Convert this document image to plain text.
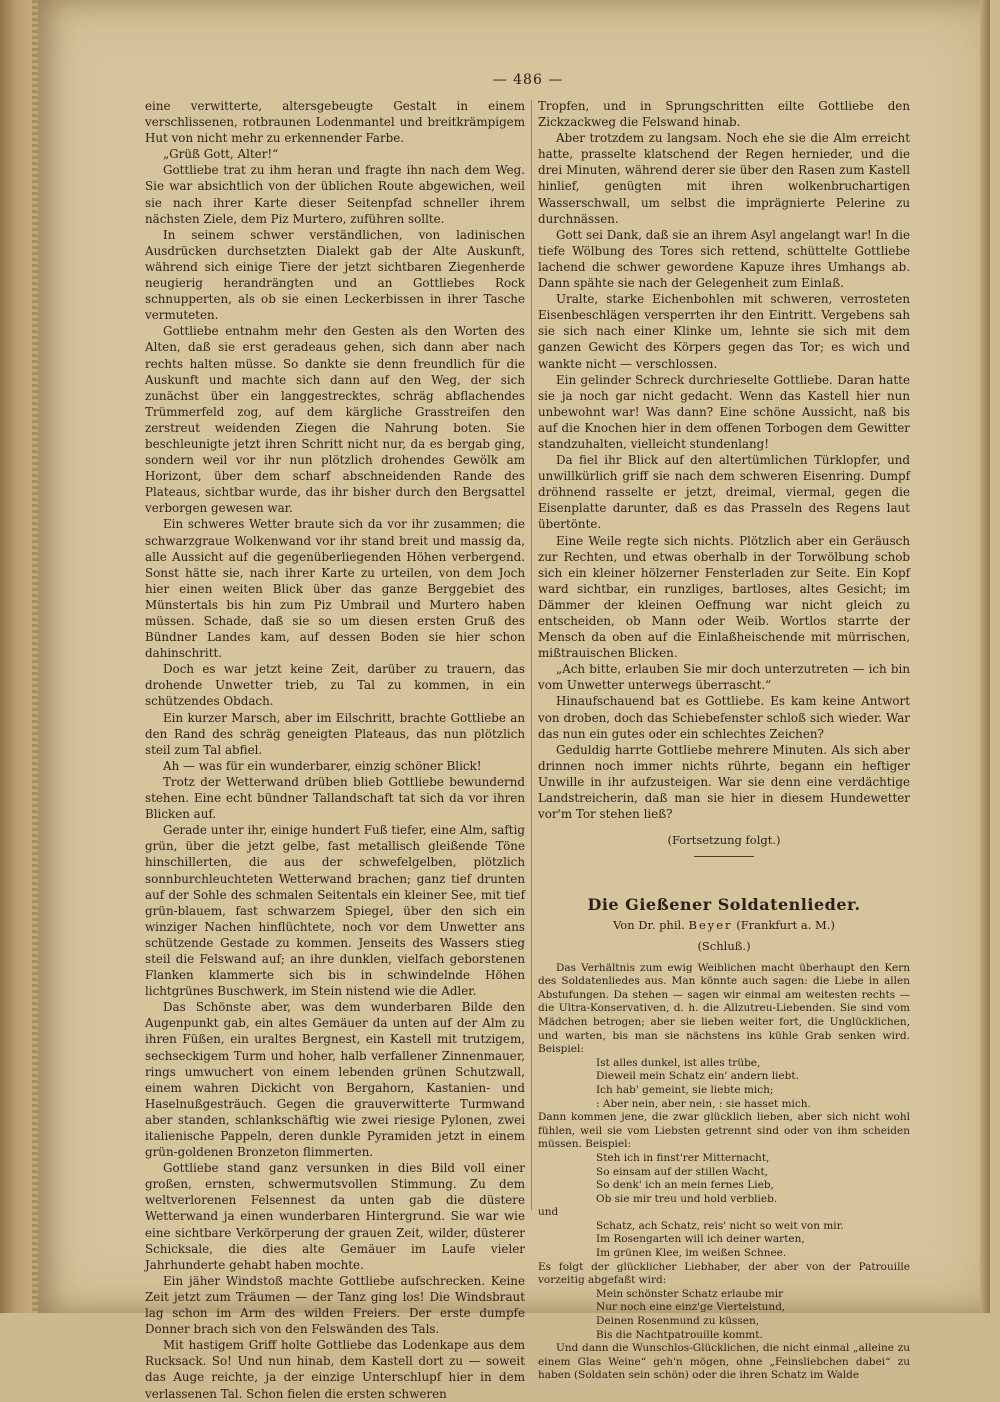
— 486 —

eine verwitterte, altersgebeugte Gestalt in einem verschlissenen, rotbraunen Lodenmantel und breitkrämpigem Hut von nicht mehr zu erkennender Farbe.

„Grüß Gott, Alter!“

Gottliebe trat zu ihm heran und fragte ihn nach dem Weg. Sie war absichtlich von der üblichen Route abgewichen, weil sie nach ihrer Karte dieser Seitenpfad schneller ihrem nächsten Ziele, dem Piz Murtero, zuführen sollte.

In seinem schwer verständlichen, von ladinischen Ausdrücken durchsetzten Dialekt gab der Alte Auskunft, während sich einige Tiere der jetzt sichtbaren Ziegenherde neugierig herandrängten und an Gottliebes Rock schnupperten, als ob sie einen Leckerbissen in ihrer Tasche vermuteten.

Gottliebe entnahm mehr den Gesten als den Worten des Alten, daß sie erst geradeaus gehen, sich dann aber nach rechts halten müsse. So dankte sie denn freundlich für die Auskunft und machte sich dann auf den Weg, der sich zunächst über ein langgestrecktes, schräg abflachendes Trümmerfeld zog, auf dem kärgliche Grasstreifen den zerstreut weidenden Ziegen die Nahrung boten. Sie beschleunigte jetzt ihren Schritt nicht nur, da es bergab ging, sondern weil vor ihr nun plötzlich drohendes Gewölk am Horizont, über dem scharf abschneidenden Rande des Plateaus, sichtbar wurde, das ihr bisher durch den Bergsattel verborgen gewesen war.

Ein schweres Wetter braute sich da vor ihr zusammen; die schwarzgraue Wolkenwand vor ihr stand breit und massig da, alle Aussicht auf die gegenüberliegenden Höhen verbergend. Sonst hätte sie, nach ihrer Karte zu urteilen, von dem Joch hier einen weiten Blick über das ganze Berggebiet des Münstertals bis hin zum Piz Umbrail und Murtero haben müssen. Schade, daß sie so um diesen ersten Gruß des Bündner Landes kam, auf dessen Boden sie hier schon dahinschritt.

Doch es war jetzt keine Zeit, darüber zu trauern, das drohende Unwetter trieb, zu Tal zu kommen, in ein schützendes Obdach.

Ein kurzer Marsch, aber im Eilschritt, brachte Gottliebe an den Rand des schräg geneigten Plateaus, das nun plötzlich steil zum Tal abfiel.

Ah — was für ein wunderbarer, einzig schöner Blick!

Trotz der Wetterwand drüben blieb Gottliebe bewundernd stehen. Eine echt bündner Tallandschaft tat sich da vor ihren Blicken auf.

Gerade unter ihr, einige hundert Fuß tiefer, eine Alm, saftig grün, über die jetzt gelbe, fast metallisch gleißende Töne hinschillerten, die aus der schwefelgelben, plötzlich sonnburchleuchteten Wetterwand brachen; ganz tief drunten auf der Sohle des schmalen Seitentals ein kleiner See, mit tief grün-blauem, fast schwarzem Spiegel, über den sich ein winziger Nachen hinflüchtete, noch vor dem Unwetter ans schützende Gestade zu kommen. Jenseits des Wassers stieg steil die Felswand auf; an ihre dunklen, vielfach geborstenen Flanken klammerte sich bis in schwindelnde Höhen lichtgrünes Buschwerk, im Stein nistend wie die Adler.

Das Schönste aber, was dem wunderbaren Bilde den Augenpunkt gab, ein altes Gemäuer da unten auf der Alm zu ihren Füßen, ein uraltes Bergnest, ein Kastell mit trutzigem, sechseckigem Turm und hoher, halb verfallener Zinnenmauer, rings umwuchert von einem lebenden grünen Schutzwall, einem wahren Dickicht von Bergahorn, Kastanien- und Haselnußgesträuch. Gegen die grauverwitterte Turmwand aber standen, schlankschäftig wie zwei riesige Pylonen, zwei italienische Pappeln, deren dunkle Pyramiden jetzt in einem grün-goldenen Bronzeton flimmerten.

Gottliebe stand ganz versunken in dies Bild voll einer großen, ernsten, schwermutsvollen Stimmung. Zu dem weltverlorenen Felsennest da unten gab die düstere Wetterwand ja einen wunderbaren Hintergrund. Sie war wie eine sichtbare Verkörperung der grauen Zeit, wilder, düsterer Schicksale, die dies alte Gemäuer im Laufe vieler Jahrhunderte gehabt haben mochte.

Ein jäher Windstoß machte Gottliebe aufschrecken. Keine Zeit jetzt zum Träumen — der Tanz ging los! Die Windsbraut lag schon im Arm des wilden Freiers. Der erste dumpfe Donner brach sich von den Felswänden des Tals.

Mit hastigem Griff holte Gottliebe das Lodenkape aus dem Rucksack. So! Und nun hinab, dem Kastell dort zu — soweit das Auge reichte, ja der einzige Unterschlupf hier in dem verlassenen Tal. Schon fielen die ersten schweren

Tropfen, und in Sprungschritten eilte Gottliebe den Zickzackweg die Felswand hinab.

Aber trotzdem zu langsam. Noch ehe sie die Alm erreicht hatte, prasselte klatschend der Regen hernieder, und die drei Minuten, während derer sie über den Rasen zum Kastell hinlief, genügten mit ihren wolkenbruchartigen Wasserschwall, um selbst die imprägnierte Pelerine zu durchnässen.

Gott sei Dank, daß sie an ihrem Asyl angelangt war! In die tiefe Wölbung des Tores sich rettend, schüttelte Gottliebe lachend die schwer gewordene Kapuze ihres Umhangs ab. Dann spähte sie nach der Gelegenheit zum Einlaß.

Uralte, starke Eichenbohlen mit schweren, verrosteten Eisenbeschlägen versperrten ihr den Eintritt. Vergebens sah sie sich nach einer Klinke um, lehnte sie sich mit dem ganzen Gewicht des Körpers gegen das Tor; es wich und wankte nicht — verschlossen.

Ein gelinder Schreck durchrieselte Gottliebe. Daran hatte sie ja noch gar nicht gedacht. Wenn das Kastell hier nun unbewohnt war! Was dann? Eine schöne Aussicht, naß bis auf die Knochen hier in dem offenen Torbogen dem Gewitter standzuhalten, vielleicht stundenlang!

Da fiel ihr Blick auf den altertümlichen Türklopfer, und unwillkürlich griff sie nach dem schweren Eisenring. Dumpf dröhnend rasselte er jetzt, dreimal, viermal, gegen die Eisenplatte darunter, daß es das Prasseln des Regens laut übertönte.

Eine Weile regte sich nichts. Plötzlich aber ein Geräusch zur Rechten, und etwas oberhalb in der Torwölbung schob sich ein kleiner hölzerner Fensterladen zur Seite. Ein Kopf ward sichtbar, ein runzliges, bartloses, altes Gesicht; im Dämmer der kleinen Oeffnung war nicht gleich zu entscheiden, ob Mann oder Weib. Wortlos starrte der Mensch da oben auf die Einlaßheischende mit mürrischen, mißtrauischen Blicken.

„Ach bitte, erlauben Sie mir doch unterzutreten — ich bin vom Unwetter unterwegs überrascht.“

Hinaufschauend bat es Gottliebe. Es kam keine Antwort von droben, doch das Schiebefenster schloß sich wieder. War das nun ein gutes oder ein schlechtes Zeichen?

Geduldig harrte Gottliebe mehrere Minuten. Als sich aber drinnen noch immer nichts rührte, begann ein heftiger Unwille in ihr aufzusteigen. War sie denn eine verdächtige Landstreicherin, daß man sie hier in diesem Hundewetter vor'm Tor stehen ließ?

(Fortsetzung folgt.)

Die Gießener Soldatenlieder.
Von Dr. phil. Beyer (Frankfurt a. M.)
(Schluß.)

Das Verhältnis zum ewig Weiblichen macht überhaupt den Kern des Soldatenliedes aus. Man könnte auch sagen: die Liebe in allen Abstufungen. Da stehen — sagen wir einmal am weitesten rechts — die Ultra-Konservativen, d. h. die Allzutreu-Liebenden. Sie sind vom Mädchen betrogen; aber sie lieben weiter fort, die Unglücklichen, und warten, bis man sie nächstens ins kühle Grab senken wird. Beispiel:

Ist alles dunkel, ist alles trübe,
Dieweil mein Schatz ein' andern liebt.
Ich hab' gemeint, sie liebte mich;
: Aber nein, aber nein, : sie hasset mich.

Dann kommen jene, die zwar glücklich lieben, aber sich nicht wohl fühlen, weil sie vom Liebsten getrennt sind oder von ihm scheiden müssen. Beispiel:

Steh ich in finst'rer Mitternacht,
So einsam auf der stillen Wacht,
So denk' ich an mein fernes Lieb,
Ob sie mir treu und hold verblieb.

und

Schatz, ach Schatz, reis' nicht so weit von mir.
Im Rosengarten will ich deiner warten,
Im grünen Klee, im weißen Schnee.

Es folgt der glücklicher Liebhaber, der aber von der Patrouille vorzeitig abgefaßt wird:

Mein schönster Schatz erlaube mir
Nur noch eine einz'ge Viertelstund,
Deinen Rosenmund zu küssen,
Bis die Nachtpatrouille kommt.

Und dann die Wunschlos-Glücklichen, die nicht einmal „alleine zu einem Glas Weine“ geh'n mögen, ohne „Feinsliebchen dabei“ zu haben (Soldaten sein schön) oder die ihren Schatz im Walde
